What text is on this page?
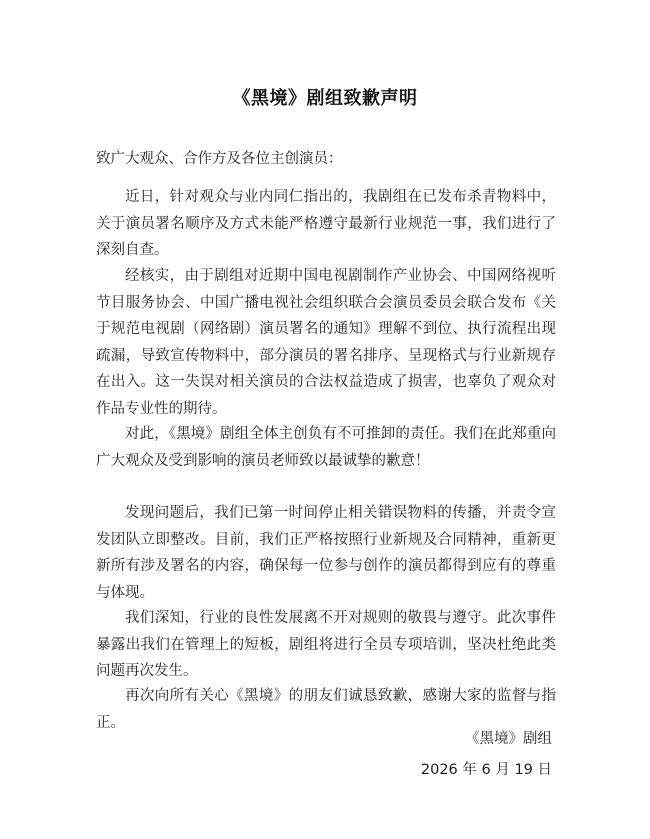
《黑境》剧组致歉声明
致广大观众、合作方及各位主创演员：
近日，针对观众与业内同仁指出的，我剧组在已发布杀青物料中，关于演员署名顺序及方式未能严格遵守最新行业规范一事，我们进行了深刻自查。
经核实，由于剧组对近期中国电视剧制作产业协会、中国网络视听节目服务协会、中国广播电视社会组织联合会演员委员会联合发布《关于规范电视剧（网络剧）演员署名的通知》理解不到位、执行流程出现疏漏，导致宣传物料中，部分演员的署名排序、呈现格式与行业新规存在出入。这一失误对相关演员的合法权益造成了损害，也辜负了观众对作品专业性的期待。
对此，《黑境》剧组全体主创负有不可推卸的责任。我们在此郑重向广大观众及受到影响的演员老师致以最诚挚的歉意！
发现问题后，我们已第一时间停止相关错误物料的传播，并责令宣发团队立即整改。目前，我们正严格按照行业新规及合同精神，重新更新所有涉及署名的内容，确保每一位参与创作的演员都得到应有的尊重与体现。
我们深知，行业的良性发展离不开对规则的敬畏与遵守。此次事件暴露出我们在管理上的短板，剧组将进行全员专项培训，坚决杜绝此类问题再次发生。
再次向所有关心《黑境》的朋友们诚恳致歉，感谢大家的监督与指正。
《黑境》剧组
2026 年 6 月 19 日
